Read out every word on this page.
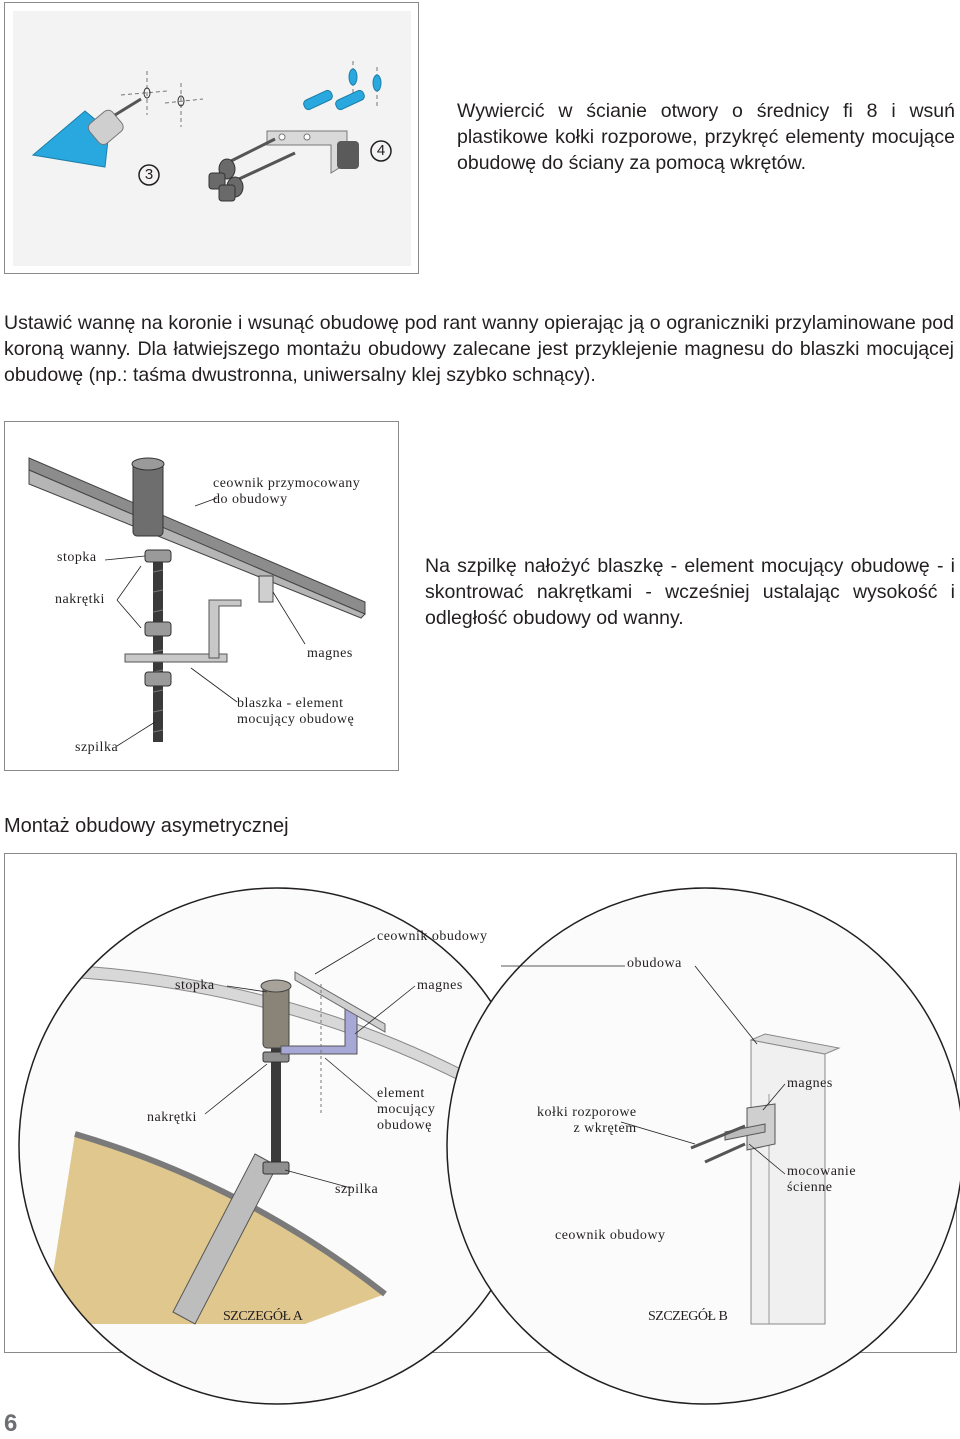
3
4
Wywiercić w ścianie otwory o średnicy fi 8 i wsuń plastikowe kołki rozporowe, przykręć elementy mocujące obudowę do ściany za pomocą wkrętów.
Ustawić wannę na koronie i wsunąć obudowę pod rant wanny opierając ją o ograniczniki przylaminowane pod koroną wanny. Dla łatwiejszego montażu obudowy zalecane jest przyklejenie magnesu do blaszki mocującej obudowę (np.: taśma dwustronna, uniwersalny klej szybko schnący).
ceownik przymocowany
do obudowy
stopka
nakrętki
magnes
blaszka - element
mocujący obudowę
szpilka
Na szpilkę nałożyć blaszkę - element mocujący obudowę - i skontrować nakrętkami - wcześniej ustalając wysokość i odległość obudowy od wanny.
Montaż obudowy asymetrycznej
ceownik obudowy
obudowa
stopka	magnes
nakrętki
element
mocujący
obudowę
szpilka
kołki rozporowe
z wkrętem
magnes
mocowanie
ścienne
ceownik obudowy
SZCZEGÓŁ A	SZCZEGÓŁ B
6
